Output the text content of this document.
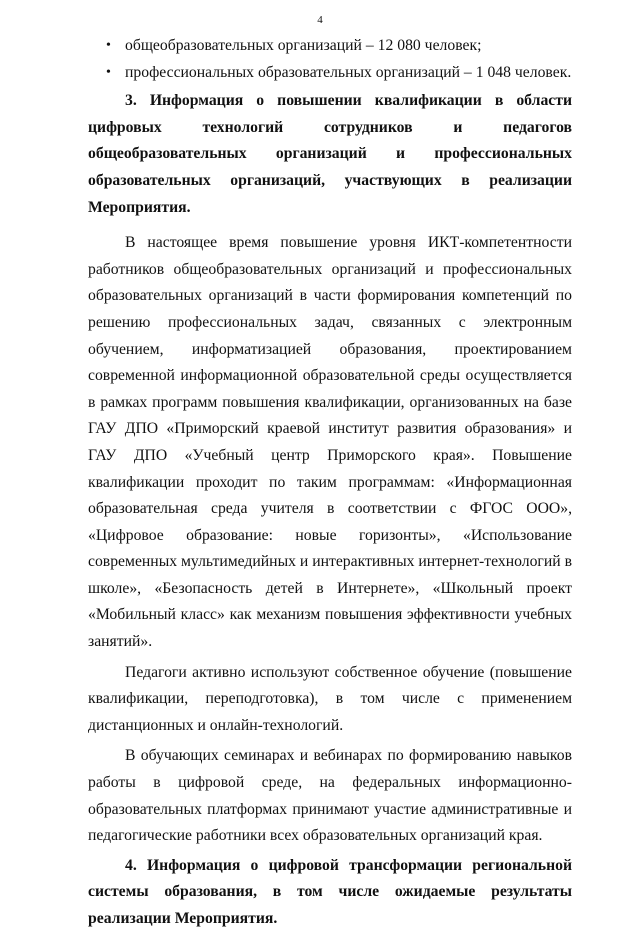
4
• общеобразовательных организаций – 12 080 человек;
• профессиональных образовательных организаций – 1 048 человек.
3. Информация о повышении квалификации в области цифровых технологий сотрудников и педагогов общеобразовательных организаций и профессиональных образовательных организаций, участвующих в реализации Мероприятия.

В настоящее время повышение уровня ИКТ-компетентности работников общеобразовательных организаций и профессиональных образовательных организаций в части формирования компетенций по решению профессиональных задач, связанных с электронным обучением, информатизацией образования, проектированием современной информационной образовательной среды осуществляется в рамках программ повышения квалификации, организованных на базе ГАУ ДПО «Приморский краевой институт развития образования» и ГАУ ДПО «Учебный центр Приморского края». Повышение квалификации проходит по таким программам: «Информационная образовательная среда учителя в соответствии с ФГОС ООО», «Цифровое образование: новые горизонты», «Использование современных мультимедийных и интерактивных интернет-технологий в школе», «Безопасность детей в Интернете», «Школьный проект «Мобильный класс» как механизм повышения эффективности учебных занятий».

Педагоги активно используют собственное обучение (повышение квалификации, переподготовка), в том числе с применением дистанционных и онлайн-технологий.

В обучающих семинарах и вебинарах по формированию навыков работы в цифровой среде, на федеральных информационно-образовательных платформах принимают участие административные и педагогические работники всех образовательных организаций края.

4. Информация о цифровой трансформации региональной системы образования, в том числе ожидаемые результаты реализации Мероприятия.
